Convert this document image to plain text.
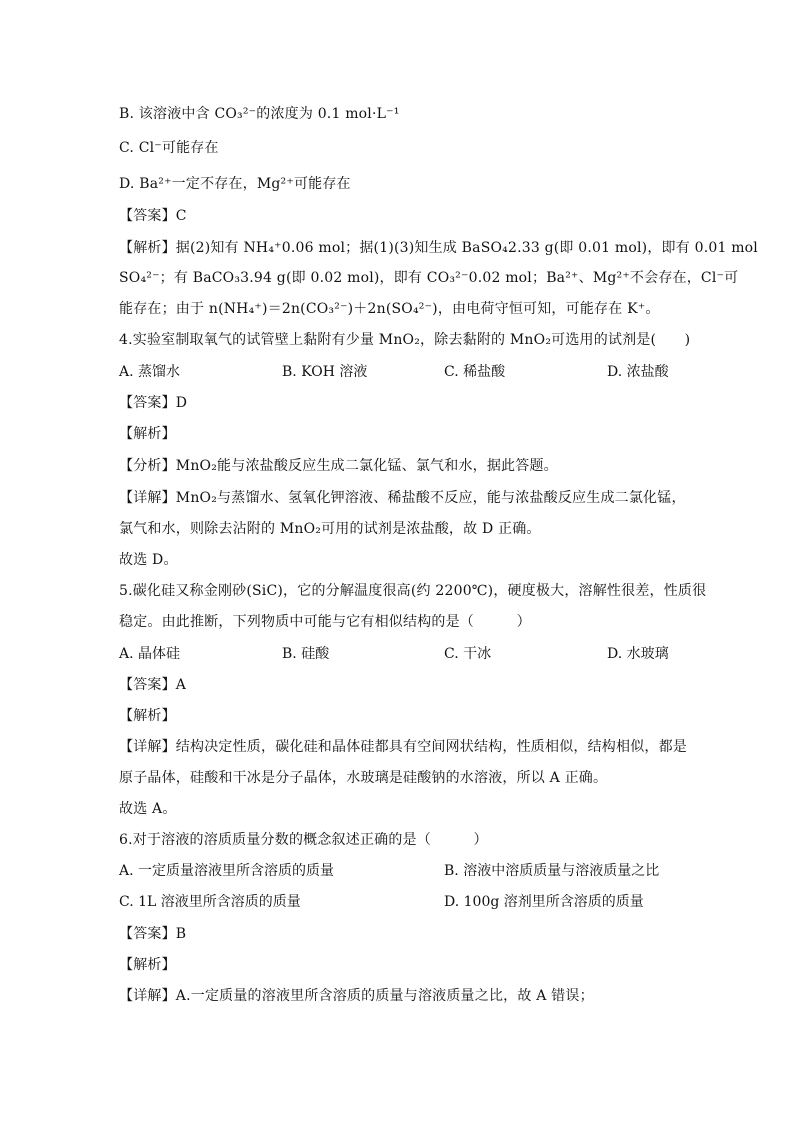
B. 该溶液中含 CO₃²⁻的浓度为 0.1 mol·L⁻¹
C. Cl⁻可能存在
D. Ba²⁺一定不存在，Mg²⁺可能存在
【答案】C
【解析】据(2)知有 NH₄⁺0.06 mol；据(1)(3)知生成 BaSO₄2.33 g(即 0.01 mol)，即有 0.01 mol
SO₄²⁻；有 BaCO₃3.94 g(即 0.02 mol)，即有 CO₃²⁻0.02 mol；Ba²⁺、Mg²⁺不会存在，Cl⁻可
能存在；由于 n(NH₄⁺)＝2n(CO₃²⁻)＋2n(SO₄²⁻)，由电荷守恒可知，可能存在 K⁺。
4.实验室制取氧气的试管壁上黏附有少量 MnO₂，除去黏附的 MnO₂可选用的试剂是(　　)
A. 蒸馏水	B. KOH 溶液	C. 稀盐酸	D. 浓盐酸
【答案】D
【解析】
【分析】MnO₂能与浓盐酸反应生成二氯化锰、氯气和水，据此答题。
【详解】MnO₂与蒸馏水、氢氧化钾溶液、稀盐酸不反应，能与浓盐酸反应生成二氯化锰，
氯气和水，则除去沾附的 MnO₂可用的试剂是浓盐酸，故 D 正确。
故选 D。
5.碳化硅又称金刚砂(SiC)，它的分解温度很高(约 2200℃)，硬度极大，溶解性很差，性质很
稳定。由此推断，下列物质中可能与它有相似结构的是（　　　）
A. 晶体硅	B. 硅酸	C. 干冰	D. 水玻璃
【答案】A
【解析】
【详解】结构决定性质，碳化硅和晶体硅都具有空间网状结构，性质相似，结构相似，都是
原子晶体，硅酸和干冰是分子晶体，水玻璃是硅酸钠的水溶液，所以 A 正确。
故选 A。
6.对于溶液的溶质质量分数的概念叙述正确的是（　　　）
A. 一定质量溶液里所含溶质的质量	B. 溶液中溶质质量与溶液质量之比
C. 1L 溶液里所含溶质的质量	D. 100g 溶剂里所含溶质的质量
【答案】B
【解析】
【详解】A.一定质量的溶液里所含溶质的质量与溶液质量之比，故 A 错误；
